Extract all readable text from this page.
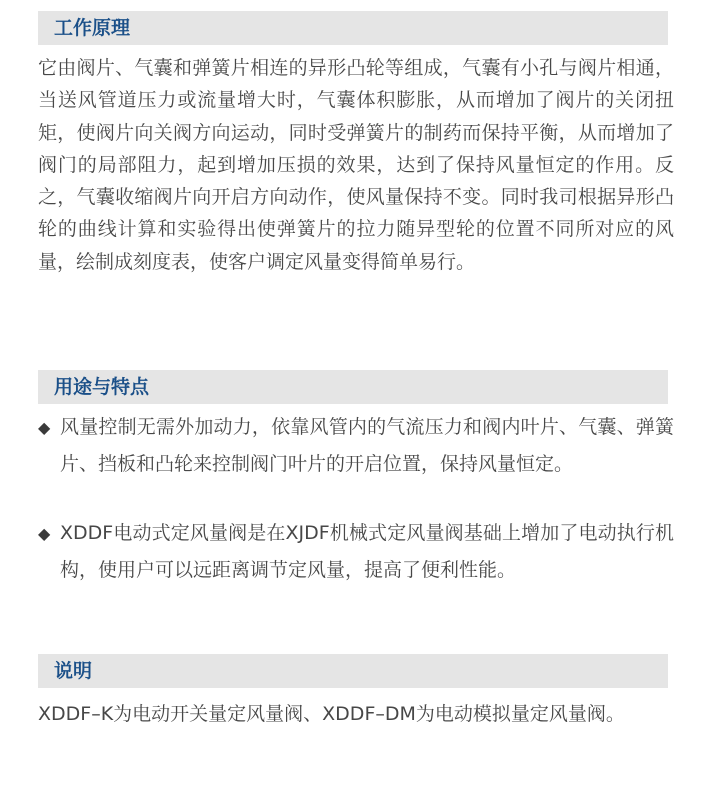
工作原理

它由阀片、气囊和弹簧片相连的异形凸轮等组成，气囊有小孔与阀片相通，当送风管道压力或流量增大时，气囊体积膨胀，从而增加了阀片的关闭扭矩，使阀片向关阀方向运动，同时受弹簧片的制药而保持平衡，从而增加了阀门的局部阻力，起到增加压损的效果，达到了保持风量恒定的作用。反之，气囊收缩阀片向开启方向动作，使风量保持不变。同时我司根据异形凸轮的曲线计算和实验得出使弹簧片的拉力随异型轮的位置不同所对应的风量，绘制成刻度表，使客户调定风量变得简单易行。

用途与特点
◆ 风量控制无需外加动力，依靠风管内的气流压力和阀内叶片、气囊、弹簧片、挡板和凸轮来控制阀门叶片的开启位置，保持风量恒定。
◆ XDDF电动式定风量阀是在XJDF机械式定风量阀基础上增加了电动执行机构，使用户可以远距离调节定风量，提高了便利性能。
说明

XDDF–K为电动开关量定风量阀、XDDF–DM为电动模拟量定风量阀。
